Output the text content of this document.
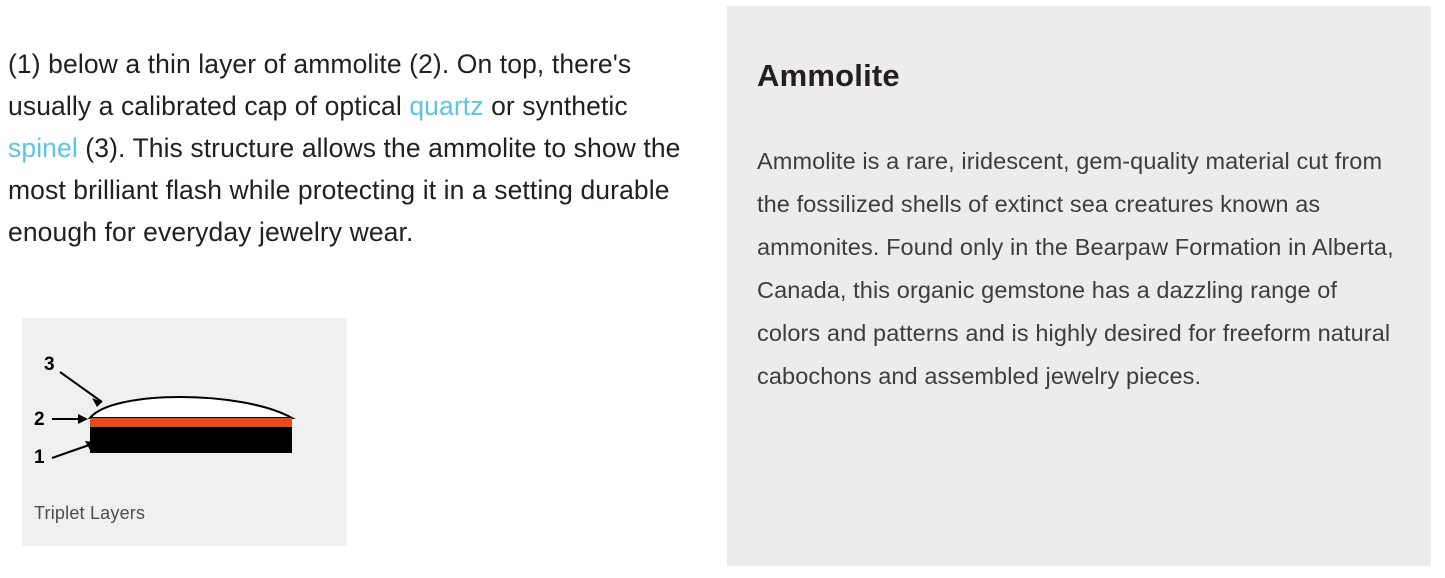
(1) below a thin layer of ammolite (2). On top, there's usually a calibrated cap of optical quartz or synthetic spinel (3). This structure allows the ammolite to show the most brilliant flash while protecting it in a setting durable enough for everyday jewelry wear.

3
2
1
Triplet Layers
Ammolite

Ammolite is a rare, iridescent, gem-quality material cut from the fossilized shells of extinct sea creatures known as ammonites. Found only in the Bearpaw Formation in Alberta, Canada, this organic gemstone has a dazzling range of colors and patterns and is highly desired for freeform natural cabochons and assembled jewelry pieces.
